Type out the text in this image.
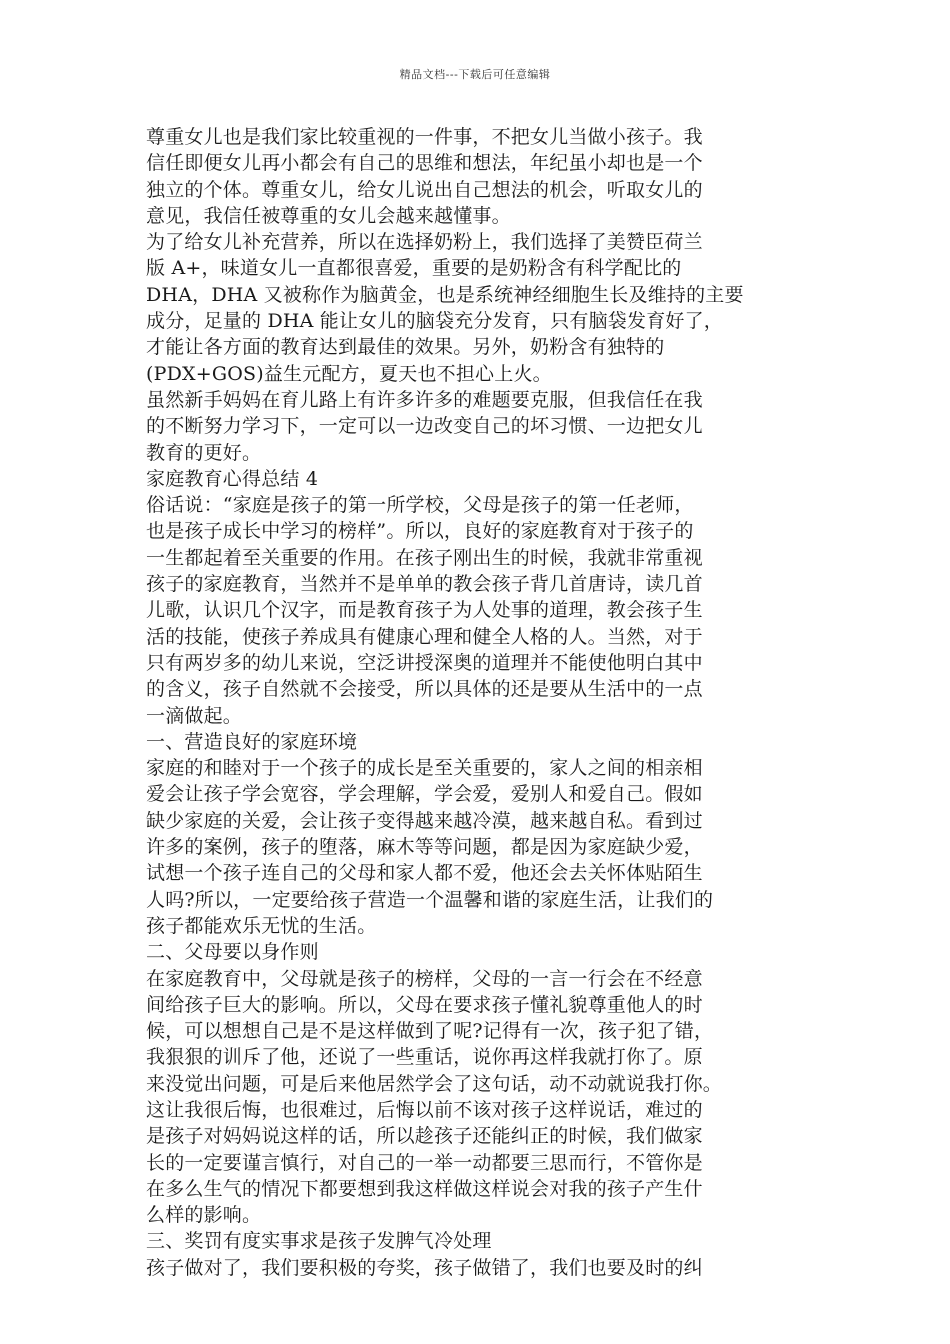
精品文档---下载后可任意编辑
尊重女儿也是我们家比较重视的一件事，不把女儿当做小孩子。我
信任即便女儿再小都会有自己的思维和想法，年纪虽小却也是一个
独立的个体。尊重女儿，给女儿说出自己想法的机会，听取女儿的
意见，我信任被尊重的女儿会越来越懂事。
为了给女儿补充营养，所以在选择奶粉上，我们选择了美赞臣荷兰
版 A+，味道女儿一直都很喜爱，重要的是奶粉含有科学配比的
DHA，DHA 又被称作为脑黄金，也是系统神经细胞生长及维持的主要
成分，足量的 DHA 能让女儿的脑袋充分发育，只有脑袋发育好了，
才能让各方面的教育达到最佳的效果。另外，奶粉含有独特的
(PDX+GOS)益生元配方，夏天也不担心上火。
虽然新手妈妈在育儿路上有许多许多的难题要克服，但我信任在我
的不断努力学习下，一定可以一边改变自己的坏习惯、一边把女儿
教育的更好。
家庭教育心得总结 4
俗话说：“家庭是孩子的第一所学校，父母是孩子的第一任老师，
也是孩子成长中学习的榜样”。所以，良好的家庭教育对于孩子的
一生都起着至关重要的作用。在孩子刚出生的时候，我就非常重视
孩子的家庭教育，当然并不是单单的教会孩子背几首唐诗，读几首
儿歌，认识几个汉字，而是教育孩子为人处事的道理，教会孩子生
活的技能，使孩子养成具有健康心理和健全人格的人。当然，对于
只有两岁多的幼儿来说，空泛讲授深奥的道理并不能使他明白其中
的含义，孩子自然就不会接受，所以具体的还是要从生活中的一点
一滴做起。
一、营造良好的家庭环境
家庭的和睦对于一个孩子的成长是至关重要的，家人之间的相亲相
爱会让孩子学会宽容，学会理解，学会爱，爱别人和爱自己。假如
缺少家庭的关爱，会让孩子变得越来越冷漠，越来越自私。看到过
许多的案例，孩子的堕落，麻木等等问题，都是因为家庭缺少爱，
试想一个孩子连自己的父母和家人都不爱，他还会去关怀体贴陌生
人吗?所以，一定要给孩子营造一个温馨和谐的家庭生活，让我们的
孩子都能欢乐无忧的生活。
二、父母要以身作则
在家庭教育中，父母就是孩子的榜样，父母的一言一行会在不经意
间给孩子巨大的影响。所以，父母在要求孩子懂礼貌尊重他人的时
候，可以想想自己是不是这样做到了呢?记得有一次，孩子犯了错，
我狠狠的训斥了他，还说了一些重话，说你再这样我就打你了。原
来没觉出问题，可是后来他居然学会了这句话，动不动就说我打你。
这让我很后悔，也很难过，后悔以前不该对孩子这样说话，难过的
是孩子对妈妈说这样的话，所以趁孩子还能纠正的时候，我们做家
长的一定要谨言慎行，对自己的一举一动都要三思而行，不管你是
在多么生气的情况下都要想到我这样做这样说会对我的孩子产生什
么样的影响。
三、奖罚有度实事求是孩子发脾气冷处理
孩子做对了，我们要积极的夸奖，孩子做错了，我们也要及时的纠
